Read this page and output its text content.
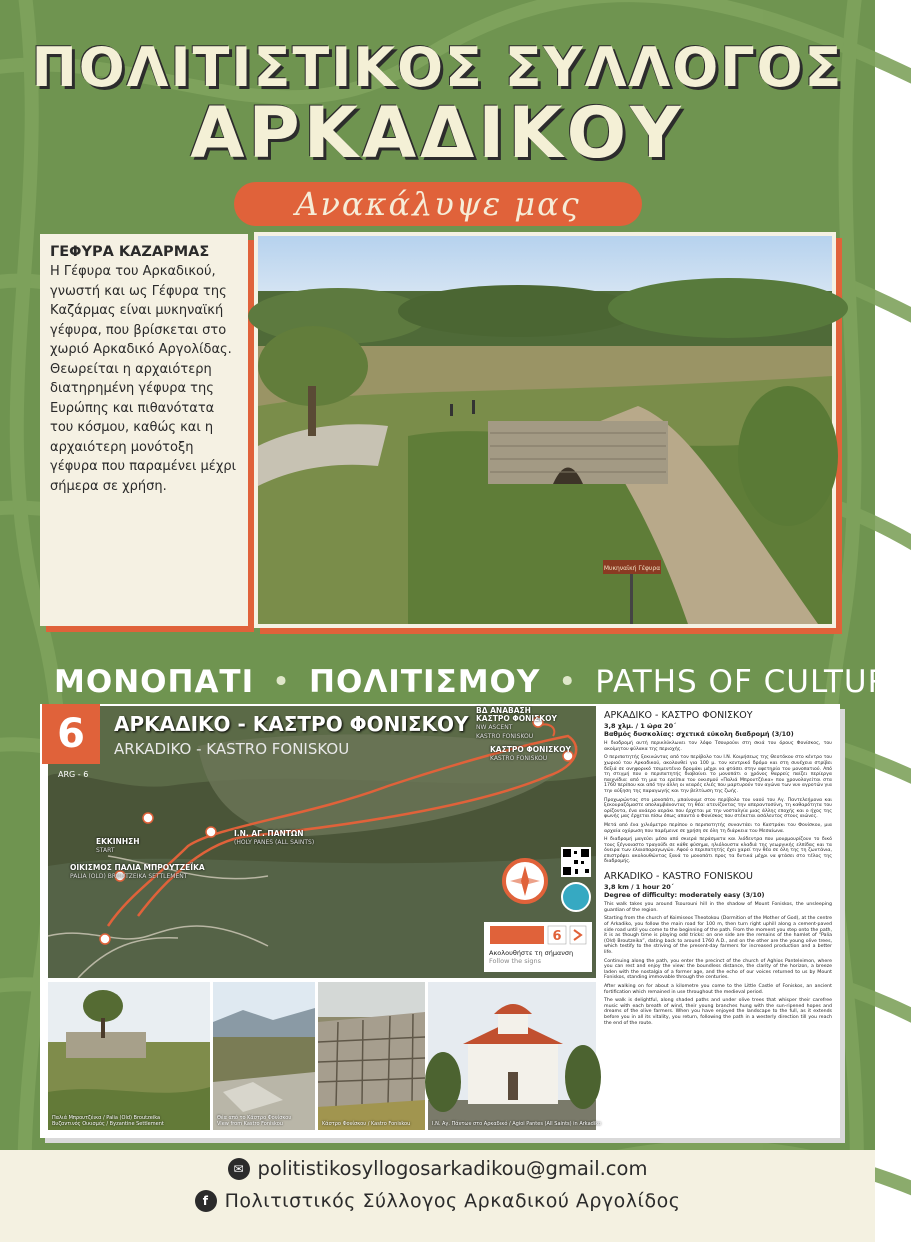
ΠΟΛΙΤΙΣΤΙΚΟΣ ΣΥΛΛΟΓΟΣ
ΑΡΚΑΔΙΚΟΥ
Ανακάλυψε μας
ΓΕΦΥΡΑ ΚΑΖΑΡΜΑΣ

Η Γέφυρα του Αρκαδικού, γνωστή και ως Γέφυρα της Καζάρμας είναι μυκηναϊκή γέφυρα, που βρίσκεται στο χωριό Αρκαδικό Αργολίδας. Θεωρείται η αρχαιότερη διατηρημένη γέφυρα της Ευρώπης και πιθανότατα του κόσμου, καθώς και η αρχαιότερη μονότοξη γέφυρα που παραμένει μέχρι σήμερα σε χρήση.

Μυκηναϊκή Γέφυρα
ΜΟΝΟΠΑΤΙ • ΠΟΛΙΤΙΣΜΟΥ • PATHS OF CULTURE
6	ΑΡΚΑΔΙΚΟ - ΚΑΣΤΡΟ ΦΟΝΙΣΚΟΥ
ARKADIKO - KASTRO FONISKOU
ARG - 6
ΒΔ ΑΝΑΒΑΣΗ
ΚΑΣΤΡΟ ΦΟΝΙΣΚΟΥ
NW ASCENT
KASTRO FONISKOU
ΚΑΣΤΡΟ ΦΟΝΙΣΚΟΥ
KASTRO FONISKOU
Ι.Ν. ΑΓ. ΠΑΝΤΩΝ
(HOLY PANES (ALL SAINTS)
ΕΚΚΙΝΗΣΗ
START
ΟΙΚΙΣΜΟΣ ΠΑΛΙΑ ΜΠΡΟΥΤΖΕΪΚΑ
PALIA (OLD) BROUTZEIKA SETTLEMENT
6
Ακολουθήστε τη σήμανση
Follow the signs
Παλιά Μπρουτζέικα / Palia (Old) Broutzeika
Βυζαντινός Οικισμός / Byzantine Settlement
Θέα από το Κάστρο Φονίσκου
View from Kastro Foniskou	Κάστρο Φονίσκου / Kastro Foniskou	Ι.Ν. Αγ. Πάντων στο Αρκαδικό / Agioi Pantes (All Saints) in Arkadiko
ΑΡΚΑΔΙΚΟ - ΚΑΣΤΡΟ ΦΟΝΙΣΚΟΥ
3,8 χλμ. / 1 ώρα 20΄
Βαθμός δυσκολίας: σχετικά εύκολη διαδρομή (3/10)

Η διαδρομή αυτή περικλύκλωνει τον λόφο Τσουρούνι στη σκιά του όρους Φονίσκος, του ακοίμητου φύλακα της περιοχής.

Ο περιπατητής ξεκινώντας από τον περίβολο του Ι.Ν. Κοιμήσεως της Θεοτόκου στο κέντρο του χωριού του Αρκαδικού, ακολουθεί για 100 μ. τον κεντρικό δρόμο και στη συνέχεια στρίβει δεξιά σε ανηφορικό τσιμεντένιο δρομάκι μέχρι να φτάσει στην αφετηρία του μονοπατιού. Από τη στιγμή που ο περιπατητής διαβαίνει το μονοπάτι ο χρόνος θαρρείς παίζει περίεργα παιχνίδια: από τη μια τα ερείπια του οικισμού «Παλιά Μπρουτζέικα» που χρονολογείται στα 1760 περίπου και από την άλλη οι νεαρές ελιές που μαρτυρούν τον αγώνα των νυν αγροτών για την αύξηση της παραγωγής και την βελτίωση της ζωής.

Προχωρώντας στο μονοπάτι, μπαίνουμε στον περίβολο του ναού του Αγ. Παντελεήμονα και ξεκουραζόμαστε απολαμβάνοντας τη θέα: ατενίζοντας την απεραντοσύνη, τη καθαρότητα του ορίζοντα, ένα ανάερο αεράκι που έρχεται με την νοσταλγία μιας άλλης εποχής και ο ήχος της φωνής μας έρχεται πίσω όπως απαντά ο Φονίσκος που στέκεται ασάλευτος στους αιώνες.

Μετά από ένα χιλιόμετρο περίπου ο περιπατητής συναντάει το Καστράκι του Φονίσκου, μια αρχαία οχύρωση που παρέμεινε σε χρήση σε όλη τη διάρκεια του Μεσαίωνα.

Η διαδρομή μαγεύει μέσα από σκιερά περάσματα και λιόδεντρα που μουρμουρίζουν το δικό τους ξέγνοιαστο τραγούδι σε κάθε φύσημα, ηλιόλουστα κλαδιά της γεωργικής ελπίδας και τα όνειρα των ελαιοπαραγωγών. Αφού ο περιπατητής έχει χαρεί την θέα σε όλη της τη ζωντάνια, επιστρέφει ακολουθώντας ξανά το μονοπάτι προς τα δυτικά μέχρι να φτάσει στο τέλος της διαδρομής.

ARKADIKO - KASTRO FONISKOU
3,8 km / 1 hour 20΄
Degree of difficulty: moderately easy (3/10)

This walk takes you around Tsourouni hill in the shadow of Mount Foniskos, the unsleeping guardian of the region.

Starting from the church of Koimiseos Theotokou (Dormition of the Mother of God), at the centre of Arkadiko, you follow the main road for 100 m, then turn right uphill along a cement-paved side road until you come to the beginning of the path. From the moment you step onto the path, it is as though time is playing odd tricks: on one side are the remains of the hamlet of “Palia (Old) Broutzeika”, dating back to around 1760 A.D., and on the other are the young olive trees, which testify to the striving of the present-day farmers for increased production and a better life.

Continuing along the path, you enter the precinct of the church of Aghios Panteleimon, where you can rest and enjoy the view: the boundless distance, the clarity of the horizon, a breeze laden with the nostalgia of a former age, and the echo of our voices returned to us by Mount Foniskos, standing immovable through the centuries.

After walking on for about a kilometre you come to the Little Castle of Foniskos, an ancient fortification which remained in use throughout the medieval period.

The walk is delightful, along shaded paths and under olive trees that whisper their carefree music with each breath of wind, their young branches hung with the sun-ripened hopes and dreams of the olive farmers. When you have enjoyed the landscape to the full, as it extends before you in all its vitality, you return, following the path in a westerly direction till you reach the end of the route.

✉ politistikosyllogosarkadikou@gmail.com
f Πολιτιστικός Σύλλογος Αρκαδικού Αργολίδος
